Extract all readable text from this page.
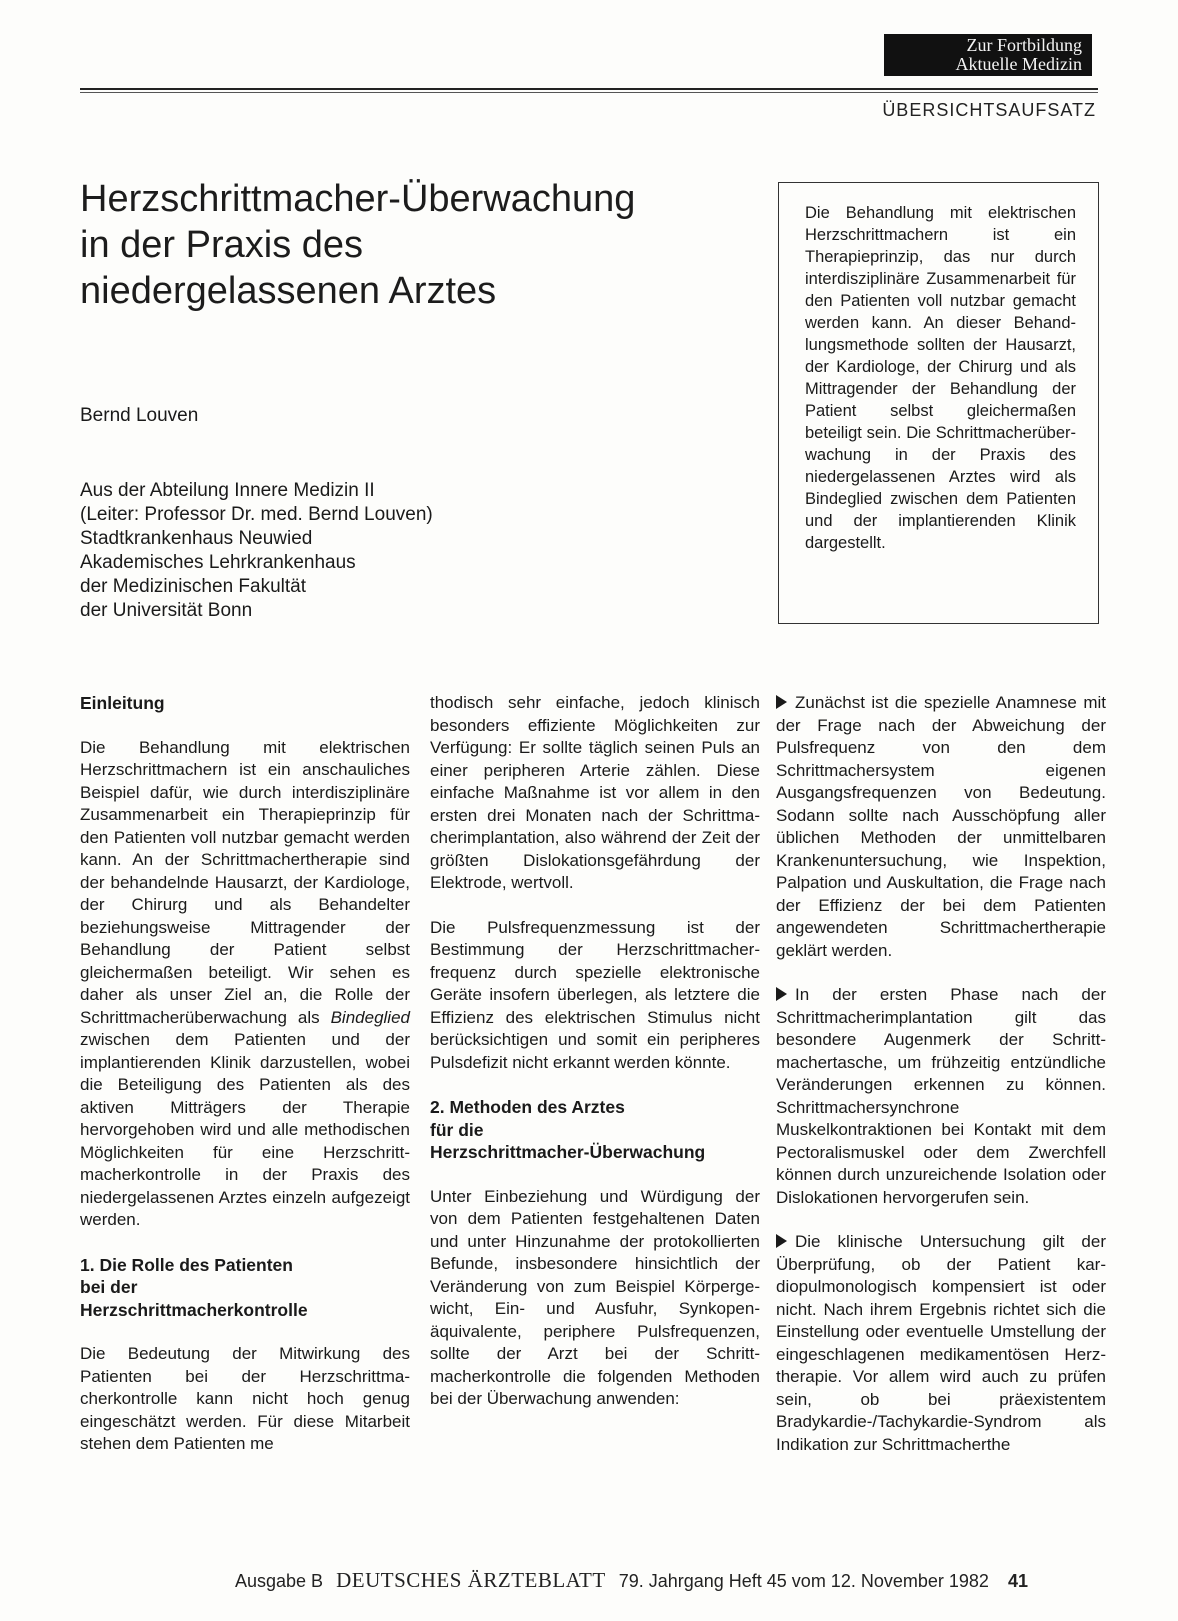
Zur Fortbildung
Aktuelle Medizin
ÜBERSICHTSAUFSATZ
Herzschrittmacher-Überwachung
in der Praxis des
niedergelassenen Arztes

Bernd Louven

Aus der Abteilung Innere Medizin II
(Leiter: Professor Dr. med. Bernd Louven)
Stadtkrankenhaus Neuwied
Akademisches Lehrkrankenhaus
der Medizinischen Fakultät
der Universität Bonn

Die Behandlung mit elektrischen Herzschrittmachern ist ein Therapieprinzip, das nur durch interdisziplinäre Zusammenarbeit für den Patienten voll nutzbar gemacht werden kann. An dieser Behandlungsmethode sollten der Hausarzt, der Kardiologe, der Chirurg und als Mittragender der Behandlung der Patient selbst gleichermaßen beteiligt sein. Die Schrittmacherüberwachung in der Praxis des niedergelassenen Arztes wird als Bindeglied zwischen dem Patienten und der implantierenden Klinik dargestellt.
Einleitung

Die Behandlung mit elektrischen Herzschrittmachern ist ein anschauliches Beispiel dafür, wie durch interdisziplinäre Zusammenarbeit ein Therapieprinzip für den Patienten voll nutzbar gemacht werden kann. An der Schrittmachertherapie sind der behandelnde Hausarzt, der Kardiologe, der Chirurg und als Behandelter beziehungsweise Mittragender der Behandlung der Patient selbst gleichermaßen beteiligt. Wir sehen es daher als unser Ziel an, die Rolle der Schrittmacherüberwachung als Bindeglied zwischen dem Patienten und der implantierenden Klinik darzustellen, wobei die Beteiligung des Patienten als des aktiven Mitträgers der Therapie hervorgehoben wird und alle methodischen Möglichkeiten für eine Herzschrittmacherkontrolle in der Praxis des niedergelassenen Arztes einzeln aufgezeigt werden.

1. Die Rolle des Patienten
bei der
Herzschrittmacherkontrolle

Die Bedeutung der Mitwirkung des Patienten bei der Herzschrittmacherkontrolle kann nicht hoch genug eingeschätzt werden. Für diese Mitarbeit stehen dem Patienten me

thodisch sehr einfache, jedoch klinisch besonders effiziente Möglichkeiten zur Verfügung: Er sollte täglich seinen Puls an einer peripheren Arterie zählen. Diese einfache Maßnahme ist vor allem in den ersten drei Monaten nach der Schrittmacherimplantation, also während der Zeit der größten Dislokationsgefährdung der Elektrode, wertvoll.

Die Pulsfrequenzmessung ist der Bestimmung der Herzschrittmacherfrequenz durch spezielle elektronische Geräte insofern überlegen, als letztere die Effizienz des elektrischen Stimulus nicht berücksichtigen und somit ein peripheres Pulsdefizit nicht erkannt werden könnte.

2. Methoden des Arztes
für die
Herzschrittmacher-Überwachung

Unter Einbeziehung und Würdigung der von dem Patienten festgehaltenen Daten und unter Hinzunahme der protokollierten Befunde, insbesondere hinsichtlich der Veränderung von zum Beispiel Körpergewicht, Ein- und Ausfuhr, Synkopenäquivalente, periphere Pulsfrequenzen, sollte der Arzt bei der Schrittmacherkontrolle die folgenden Methoden bei der Überwachung anwenden:

Zunächst ist die spezielle Anamnese mit der Frage nach der Abweichung der Pulsfrequenz von den dem Schrittmachersystem eigenen Ausgangsfrequenzen von Bedeutung. Sodann sollte nach Ausschöpfung aller üblichen Methoden der unmittelbaren Krankenuntersuchung, wie Inspektion, Palpation und Auskultation, die Frage nach der Effizienz der bei dem Patienten angewendeten Schrittmachertherapie geklärt werden.

In der ersten Phase nach der Schrittmacherimplantation gilt das besondere Augenmerk der Schrittmachertasche, um frühzeitig entzündliche Veränderungen erkennen zu können. Schrittmachersynchrone Muskelkontraktionen bei Kontakt mit dem Pectoralismuskel oder dem Zwerchfell können durch unzureichende Isolation oder Dislokationen hervorgerufen sein.

Die klinische Untersuchung gilt der Überprüfung, ob der Patient kardiopulmonologisch kompensiert ist oder nicht. Nach ihrem Ergebnis richtet sich die Einstellung oder eventuelle Umstellung der eingeschlagenen medikamentösen Herztherapie. Vor allem wird auch zu prüfen sein, ob bei präexistentem Bradykardie-/Tachykardie-Syndrom als Indikation zur Schrittmacherthe

Ausgabe B DEUTSCHES ÄRZTEBLATT 79. Jahrgang Heft 45 vom 12. November 1982 41
